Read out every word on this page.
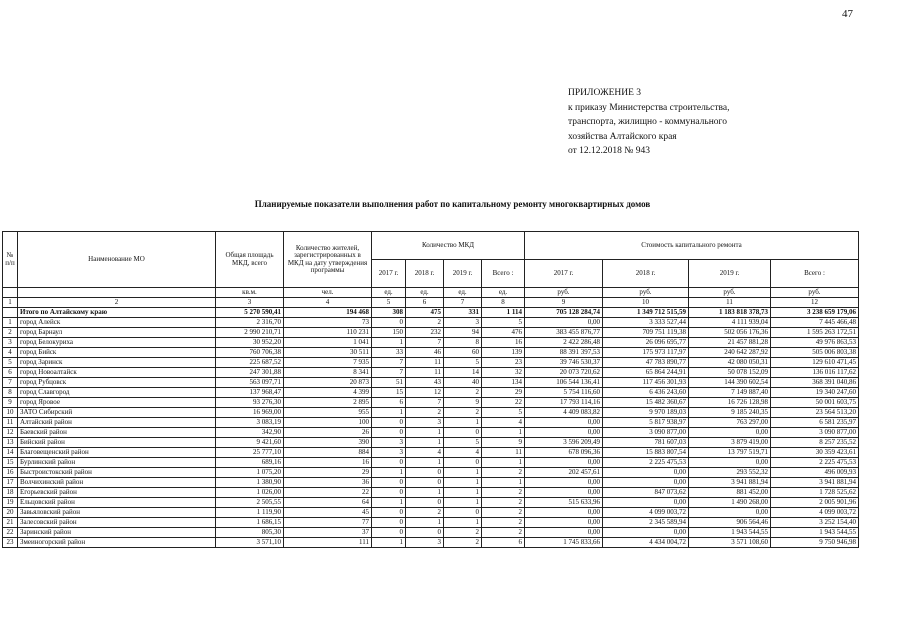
47
ПРИЛОЖЕНИЕ 3
к приказу Министерства строительства,
транспорта, жилищно - коммунального
хозяйства Алтайского края
от 12.12.2018 № 943
Планируемые показатели выполнения работ по капитальному ремонту многоквартирных домов
№ п/п	Наименование МО	Общая площадь МКД, всего	Количество жителей, зарегистрированных в МКД на дату утверждения программы	Количество МКД				Стоимость капитального ремонта			
				2017 г.	2018 г.	2019 г.	Всего :	2017 г.	2018 г.	2019 г.	Всего :
		кв.м.	чел.	ед.	ед.	ед.	ед.	руб.	руб.	руб.	руб.
1	2	3	4	5	6	7	8	9	10	11	12
	Итого по Алтайскому краю	5 270 590,41	194 468	308	475	331	1 114	705 128 284,74	1 349 712 515,59	1 183 818 378,73	3 238 659 179,06
1	город Алейск	2 316,70	73	0	2	3	5	0,00	3 333 527,44	4 111 939,04	7 445 466,48
2	город Барнаул	2 990 210,71	110 231	150	232	94	476	383 455 876,77	709 751 119,38	502 056 176,36	1 595 263 172,51
3	город Белокуриха	30 952,20	1 041	1	7	8	16	2 422 286,48	26 096 695,77	21 457 881,28	49 976 863,53
4	город Бийск	760 706,38	30 511	33	46	60	139	88 391 397,53	175 973 117,97	240 642 287,92	505 006 803,38
5	город Заринск	225 687,52	7 935	7	11	5	23	39 746 530,37	47 783 890,77	42 080 050,31	129 610 471,45
6	город Новоалтайск	247 301,88	8 341	7	11	14	32	20 073 720,62	65 864 244,91	50 078 152,09	136 016 117,62
7	город Рубцовск	563 097,71	20 873	51	43	40	134	106 544 136,41	117 456 301,93	144 390 602,54	368 391 040,86
8	город Славгород	137 968,47	4 399	15	12	2	29	5 754 116,60	6 436 243,60	7 149 887,40	19 340 247,60
9	город Яровое	93 276,30	2 895	6	7	9	22	17 793 114,16	15 482 360,67	16 726 128,98	50 001 603,75
10	ЗАТО Сибирский	16 969,00	955	1	2	2	5	4 409 083,82	9 970 189,03	9 185 240,35	23 564 513,20
11	Алтайский район	3 083,19	100	0	3	1	4	0,00	5 817 938,97	763 297,00	6 581 235,97
12	Баевский район	342,90	26	0	1	0	1	0,00	3 090 877,00	0,00	3 090 877,00
13	Бийский район	9 421,60	390	3	1	5	9	3 596 209,49	781 607,03	3 879 419,00	8 257 235,52
14	Благовещенский район	25 777,10	884	3	4	4	11	678 096,36	15 883 807,54	13 797 519,71	30 359 423,61
15	Бурлинский район	689,16	16	0	1	0	1	0,00	2 225 475,53	0,00	2 225 475,53
16	Быстроистокский район	1 075,20	29	1	0	1	2	202 457,61	0,00	293 552,32	496 009,93
17	Волчихинский район	1 380,90	36	0	0	1	1	0,00	0,00	3 941 881,94	3 941 881,94
18	Егорьевский район	1 026,00	22	0	1	1	2	0,00	847 073,62	881 452,00	1 728 525,62
19	Ельцовский район	2 505,55	64	1	0	1	2	515 633,96	0,00	1 490 268,00	2 005 901,96
20	Завьяловский район	1 119,90	45	0	2	0	2	0,00	4 099 003,72	0,00	4 099 003,72
21	Залесовский район	1 686,15	77	0	1	1	2	0,00	2 345 589,94	906 564,46	3 252 154,40
22	Заринский район	805,30	37	0	0	2	2	0,00	0,00	1 943 544,55	1 943 544,55
23	Змеиногорский район	3 571,10	111	1	3	2	6	1 745 833,66	4 434 004,72	3 571 108,60	9 750 946,98
